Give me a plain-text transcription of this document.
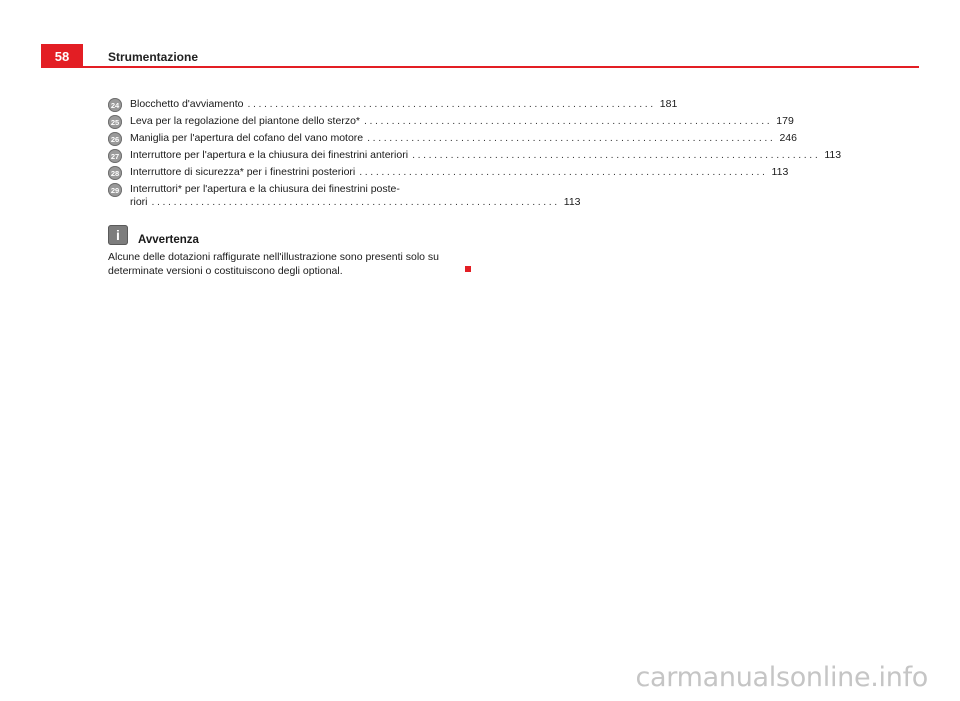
58	Strumentazione
24 Blocchetto d'avviamento .......................................................................... 181
25 Leva per la regolazione del piantone dello sterzo* .......................................................................... 179
26 Maniglia per l'apertura del cofano del vano motore .......................................................................... 246
27 Interruttore per l'apertura e la chiusura dei finestrini anteriori .......................................................................... 113
28 Interruttore di sicurezza* per i finestrini posteriori .......................................................................... 113
29 Interruttori* per l'apertura e la chiusura dei finestrini poste-
riori .......................................................................... 113
i	Avvertenza
Alcune delle dotazioni raffigurate nell'illustrazione sono presenti solo su determinate versioni o costituiscono degli optional.
carmanualsonline.info
